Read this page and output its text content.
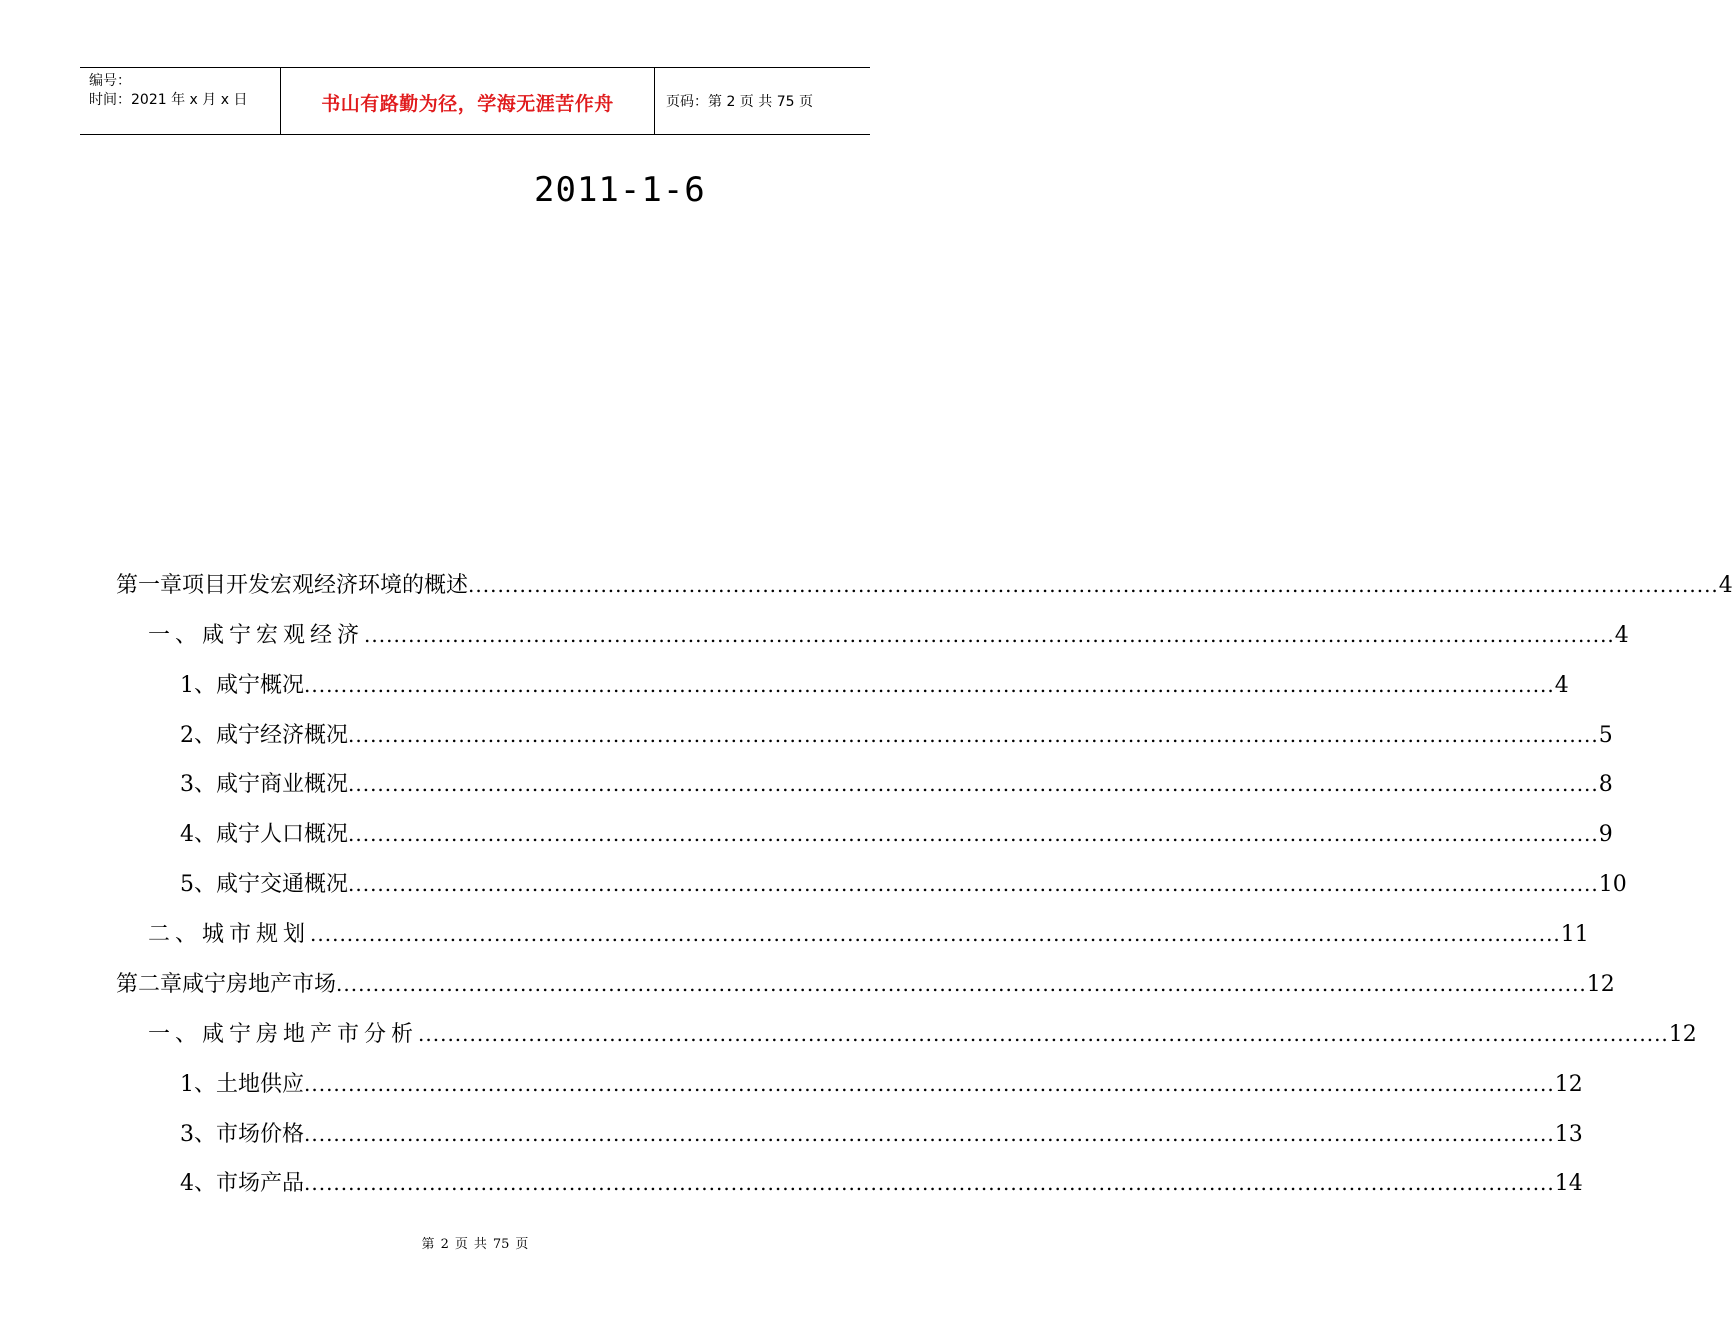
编号：
时间：2021 年 x 月 x 日	书山有路勤为径，学海无涯苦作舟	页码：第 2 页 共 75 页
2011-1-6
第一章项目开发宏观经济环境的概述 .......................................................................................................................................................................... 4
一、咸宁宏观经济 .......................................................................................................................................................................... 4
1、咸宁概况 .......................................................................................................................................................................... 4
2、咸宁经济概况 .......................................................................................................................................................................... 5
3、咸宁商业概况 .......................................................................................................................................................................... 8
4、咸宁人口概况 .......................................................................................................................................................................... 9
5、咸宁交通概况 .......................................................................................................................................................................... 10
二、城市规划 .......................................................................................................................................................................... 11
第二章咸宁房地产市场 .......................................................................................................................................................................... 12
一、咸宁房地产市分析 .......................................................................................................................................................................... 12
1、土地供应 .......................................................................................................................................................................... 12
3、市场价格 .......................................................................................................................................................................... 13
4、市场产品 .......................................................................................................................................................................... 14
第 2 页 共 75 页
